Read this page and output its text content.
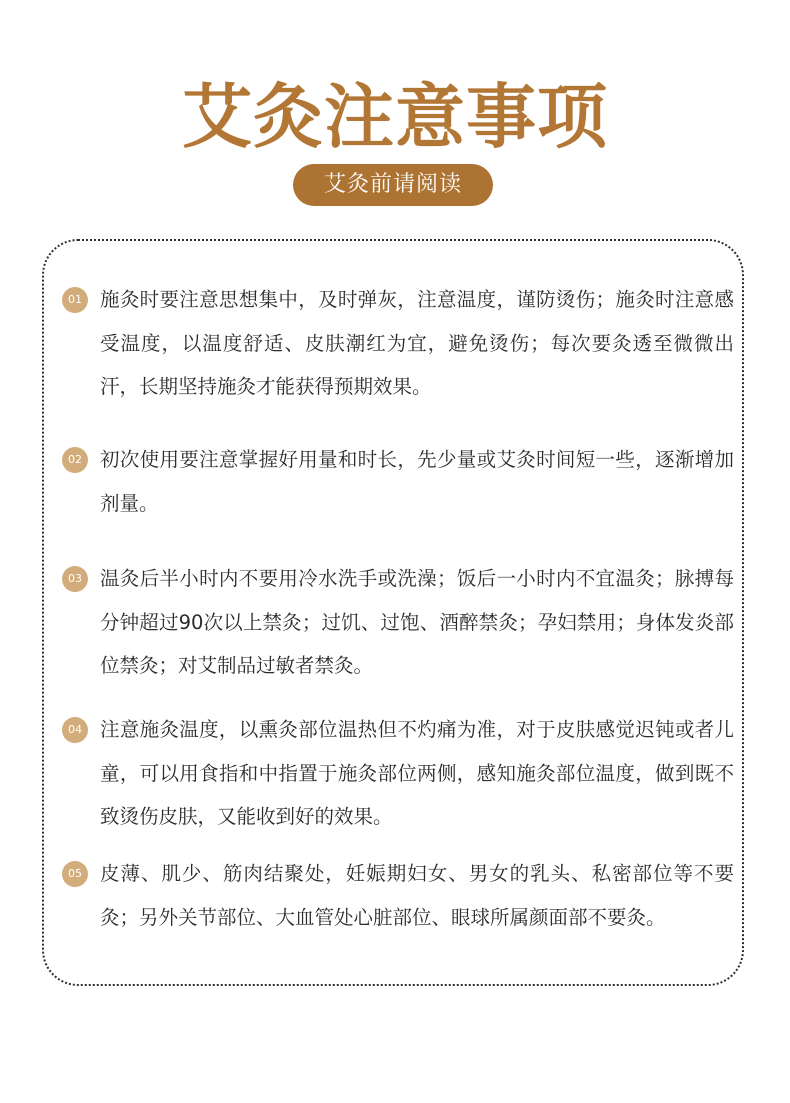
艾灸注意事项
艾灸前请阅读
01 施灸时要注意思想集中，及时弹灰，注意温度，谨防烫伤；施灸时注意感受温度，以温度舒适、皮肤潮红为宜，避免烫伤；每次要灸透至微微出汗，长期坚持施灸才能获得预期效果。
02 初次使用要注意掌握好用量和时长，先少量或艾灸时间短一些，逐渐增加剂量。
03 温灸后半小时内不要用冷水洗手或洗澡；饭后一小时内不宜温灸；脉搏每分钟超过90次以上禁灸；过饥、过饱、酒醉禁灸；孕妇禁用；身体发炎部位禁灸；对艾制品过敏者禁灸。
04 注意施灸温度，以熏灸部位温热但不灼痛为准，对于皮肤感觉迟钝或者儿童，可以用食指和中指置于施灸部位两侧，感知施灸部位温度，做到既不致烫伤皮肤，又能收到好的效果。
05 皮薄、肌少、筋肉结聚处，妊娠期妇女、男女的乳头、私密部位等不要灸；另外关节部位、大血管处心脏部位、眼球所属颜面部不要灸。
